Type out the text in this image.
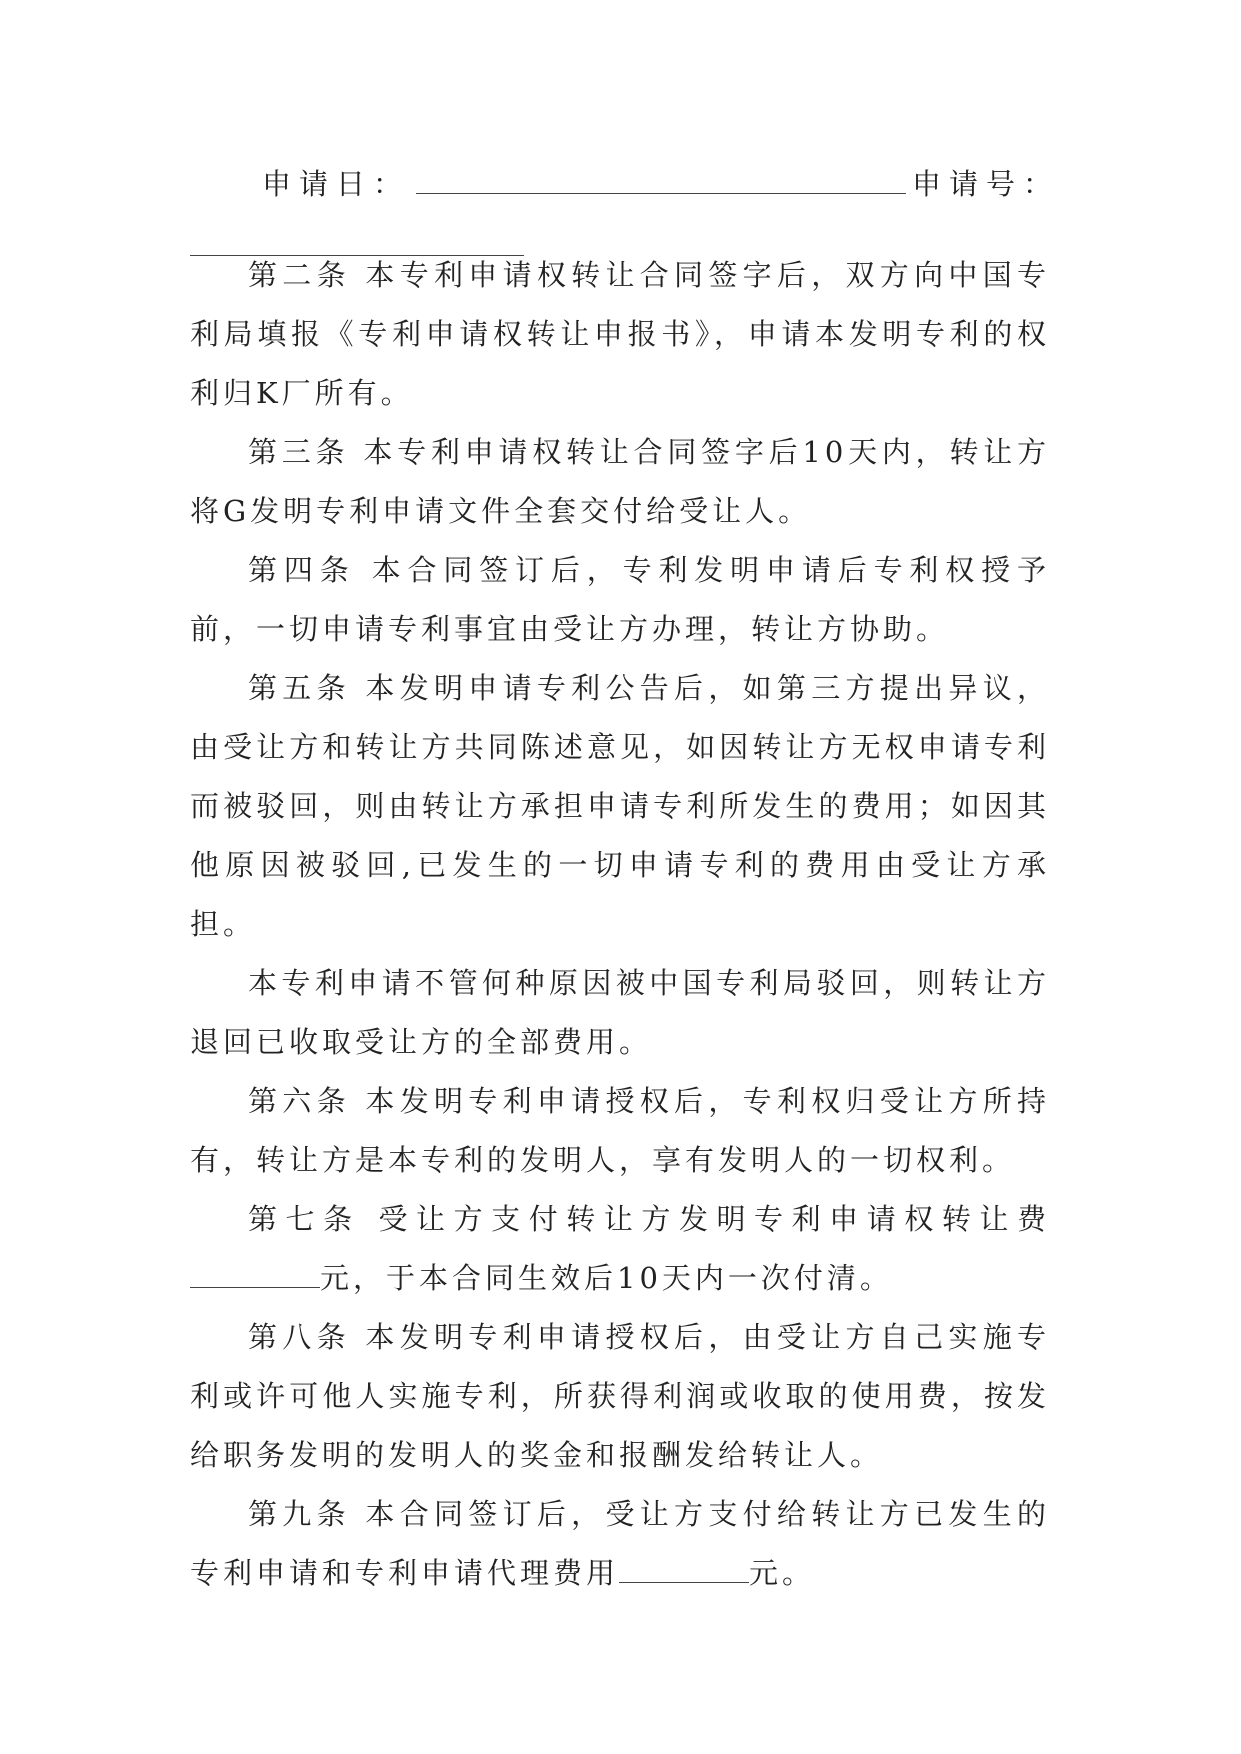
申请日：	申请号：

第二条 本专利申请权转让合同签字后，双方向中国专利局填报《专利申请权转让申报书》，申请本发明专利的权利归K厂所有。

第三条 本专利申请权转让合同签字后10天内，转让方将G发明专利申请文件全套交付给受让人。

第四条 本合同签订后，专利发明申请后专利权授予前，一切申请专利事宜由受让方办理，转让方协助。

第五条 本发明申请专利公告后，如第三方提出异议，由受让方和转让方共同陈述意见，如因转让方无权申请专利而被驳回，则由转让方承担申请专利所发生的费用；如因其他原因被驳回,已发生的一切申请专利的费用由受让方承担。

本专利申请不管何种原因被中国专利局驳回，则转让方退回已收取受让方的全部费用。

第六条 本发明专利申请授权后，专利权归受让方所持有，转让方是本专利的发明人，享有发明人的一切权利。

第七条 受让方支付转让方发明专利申请权转让费元，于本合同生效后10天内一次付清。

第八条 本发明专利申请授权后，由受让方自己实施专利或许可他人实施专利，所获得利润或收取的使用费，按发给职务发明的发明人的奖金和报酬发给转让人。

第九条 本合同签订后，受让方支付给转让方已发生的专利申请和专利申请代理费用	元。
